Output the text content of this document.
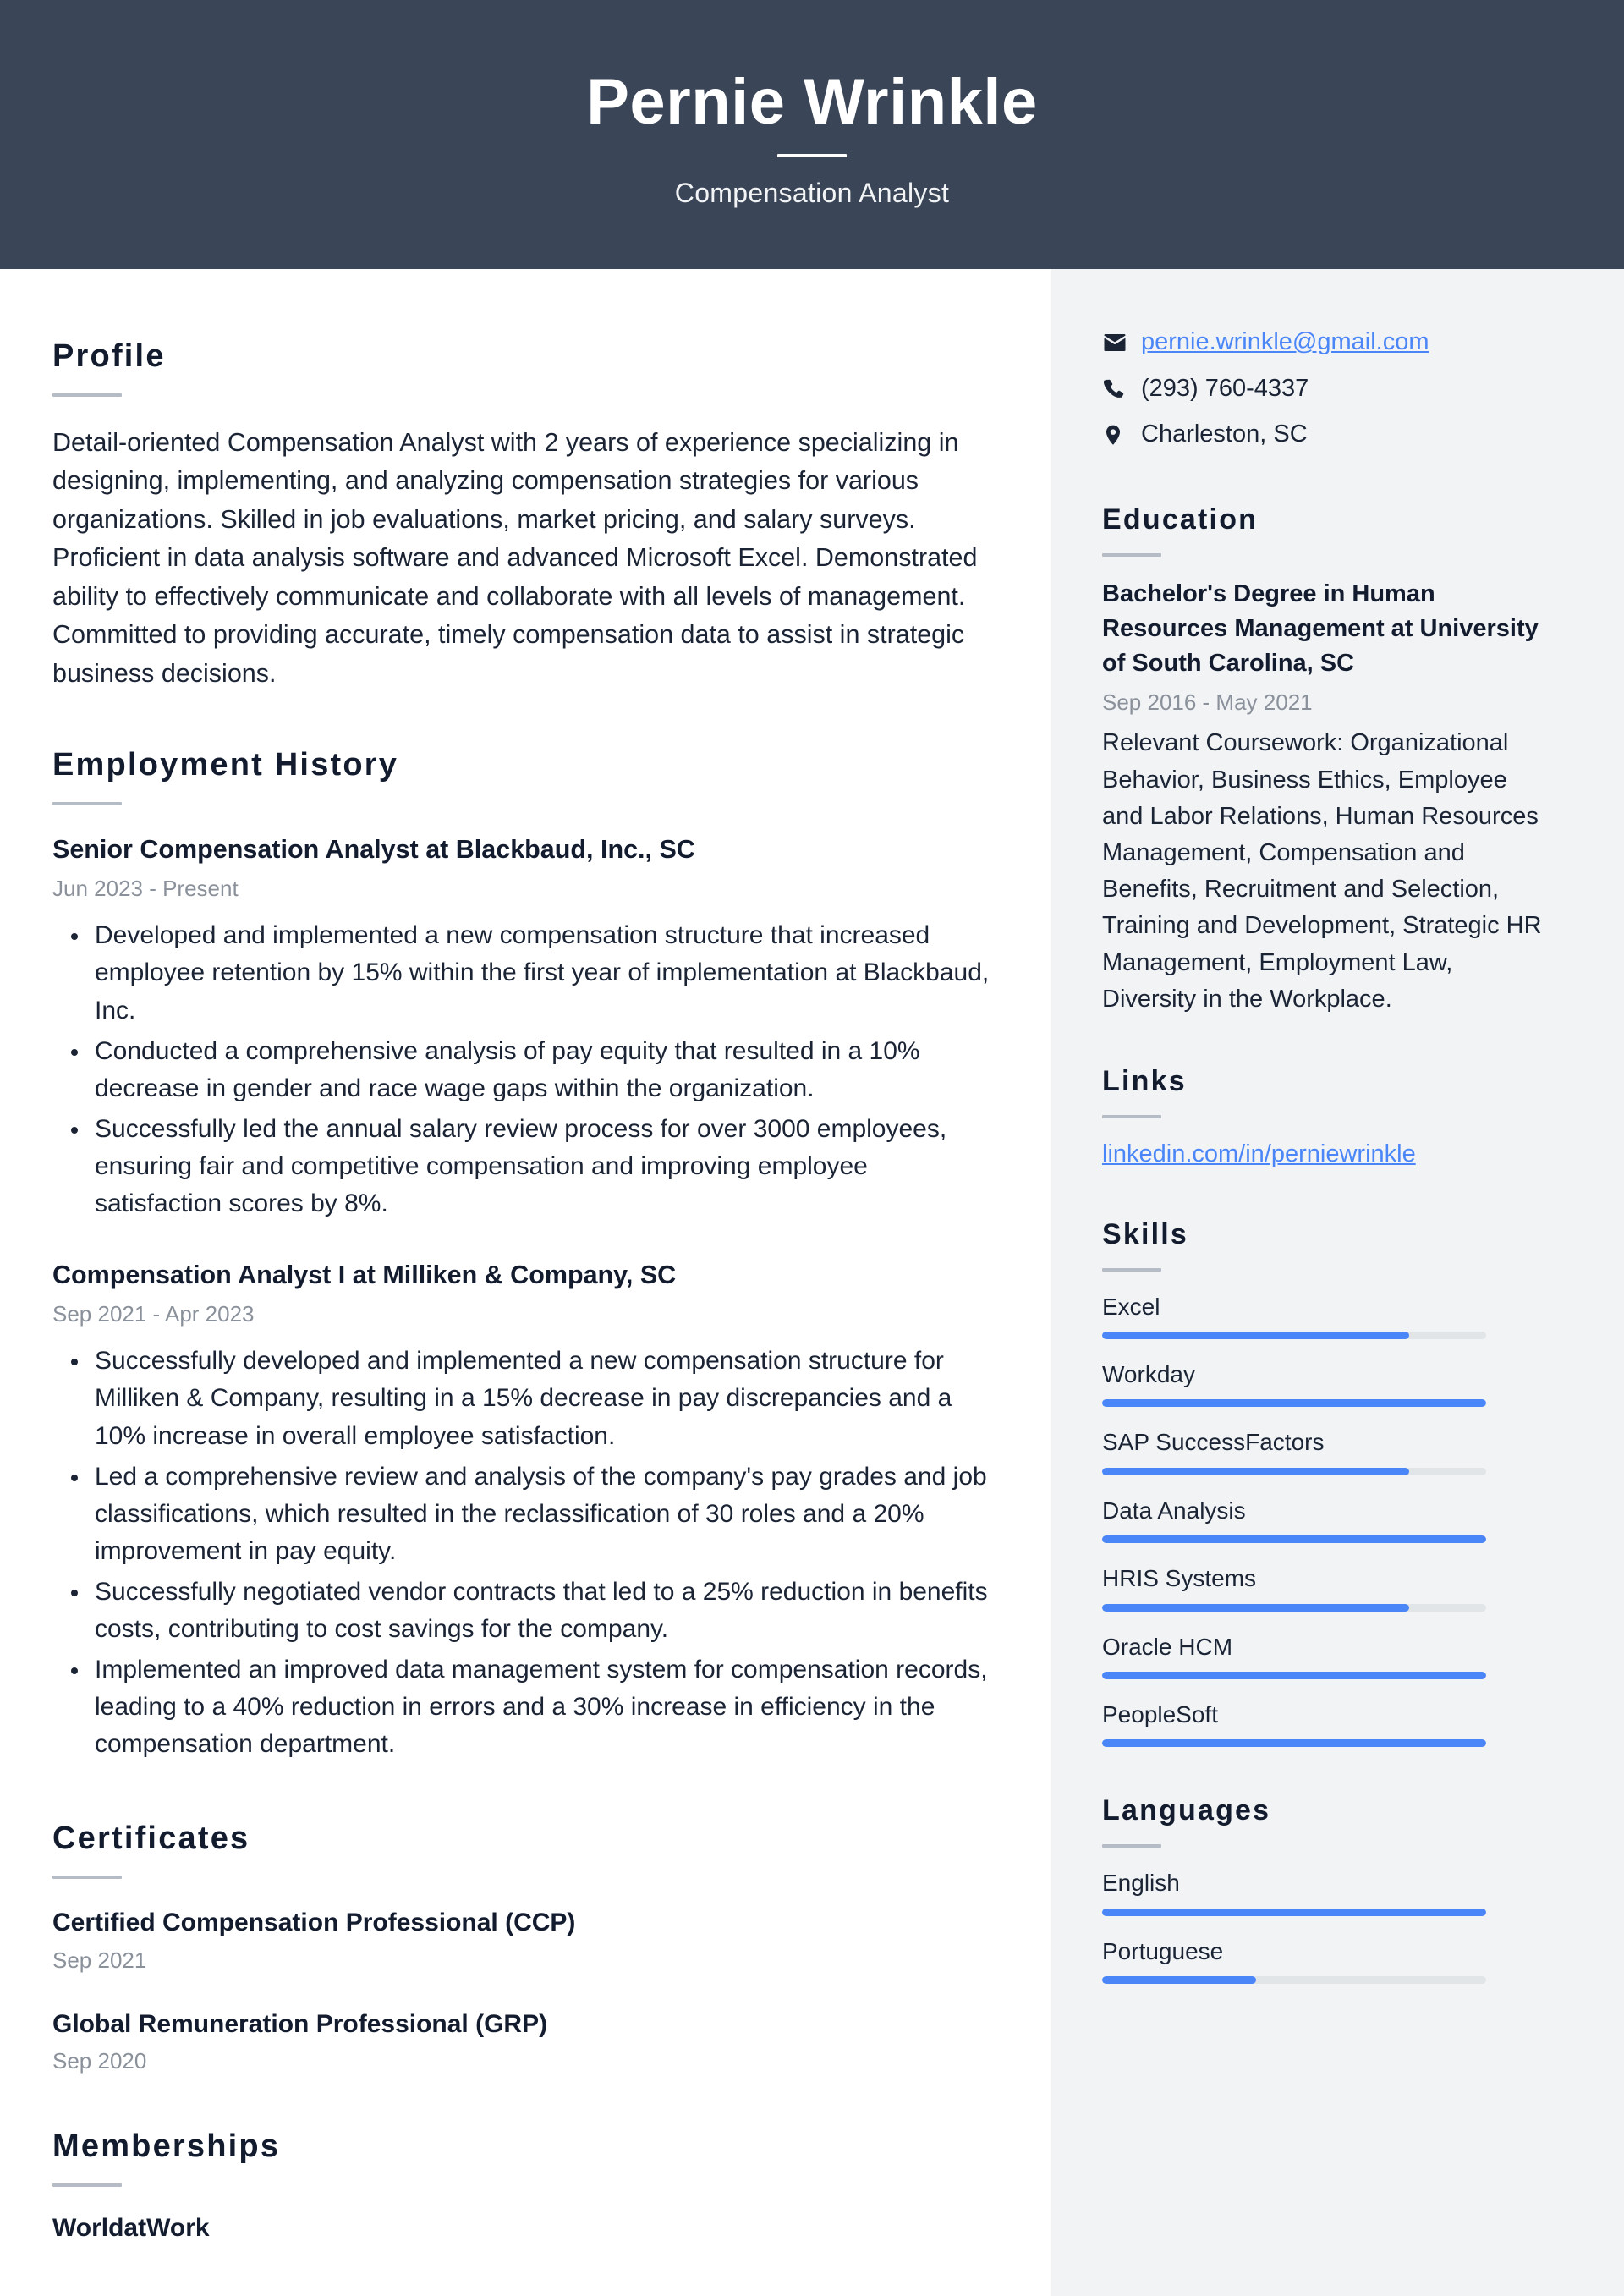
Pernie Wrinkle
Compensation Analyst
Profile
Detail-oriented Compensation Analyst with 2 years of experience specializing in designing, implementing, and analyzing compensation strategies for various organizations. Skilled in job evaluations, market pricing, and salary surveys. Proficient in data analysis software and advanced Microsoft Excel. Demonstrated ability to effectively communicate and collaborate with all levels of management. Committed to providing accurate, timely compensation data to assist in strategic business decisions.
Employment History
Senior Compensation Analyst at Blackbaud, Inc., SC
Jun 2023 - Present
Developed and implemented a new compensation structure that increased employee retention by 15% within the first year of implementation at Blackbaud, Inc.
Conducted a comprehensive analysis of pay equity that resulted in a 10% decrease in gender and race wage gaps within the organization.
Successfully led the annual salary review process for over 3000 employees, ensuring fair and competitive compensation and improving employee satisfaction scores by 8%.
Compensation Analyst I at Milliken & Company, SC
Sep 2021 - Apr 2023
Successfully developed and implemented a new compensation structure for Milliken & Company, resulting in a 15% decrease in pay discrepancies and a 10% increase in overall employee satisfaction.
Led a comprehensive review and analysis of the company's pay grades and job classifications, which resulted in the reclassification of 30 roles and a 20% improvement in pay equity.
Successfully negotiated vendor contracts that led to a 25% reduction in benefits costs, contributing to cost savings for the company.
Implemented an improved data management system for compensation records, leading to a 40% reduction in errors and a 30% increase in efficiency in the compensation department.
Certificates
Certified Compensation Professional (CCP)
Sep 2021
Global Remuneration Professional (GRP)
Sep 2020
Memberships
WorldatWork
pernie.wrinkle@gmail.com
(293) 760-4337
Charleston, SC
Education
Bachelor's Degree in Human Resources Management at University of South Carolina, SC
Sep 2016 - May 2021
Relevant Coursework: Organizational Behavior, Business Ethics, Employee and Labor Relations, Human Resources Management, Compensation and Benefits, Recruitment and Selection, Training and Development, Strategic HR Management, Employment Law, Diversity in the Workplace.
Links
linkedin.com/in/perniewrinkle
Skills
Excel
Workday
SAP SuccessFactors
Data Analysis
HRIS Systems
Oracle HCM
PeopleSoft
Languages
English
Portuguese
